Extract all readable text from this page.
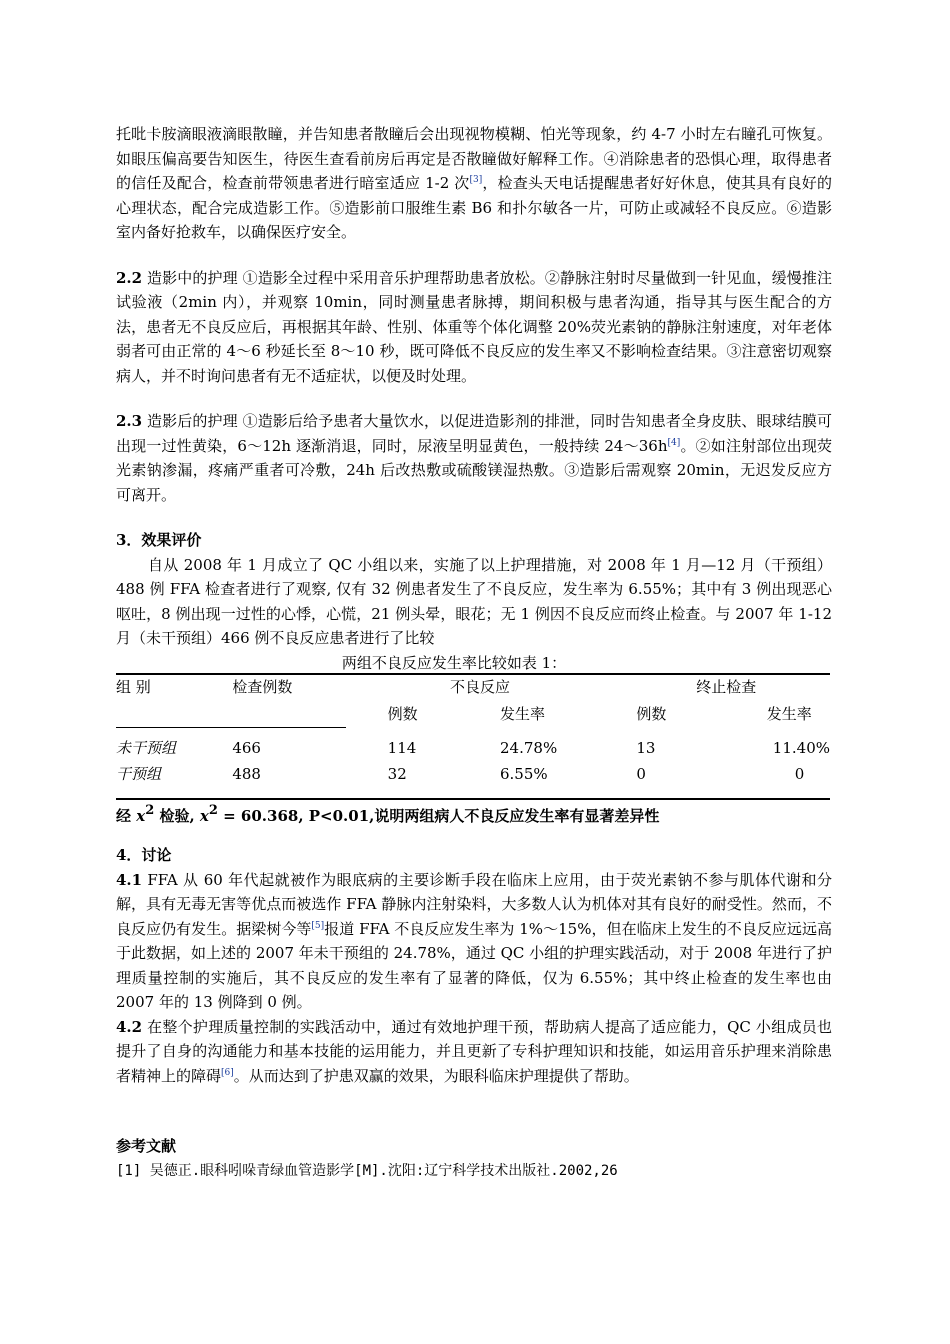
托吡卡胺滴眼液滴眼散瞳，并告知患者散瞳后会出现视物模糊、怕光等现象，约 4-7 小时左右瞳孔可恢复。如眼压偏高要告知医生，待医生查看前房后再定是否散瞳做好解释工作。④消除患者的恐惧心理，取得患者的信任及配合，检查前带领患者进行暗室适应 1-2 次[3]，检查头天电话提醒患者好好休息，使其具有良好的心理状态，配合完成造影工作。⑤造影前口服维生素 B6 和扑尔敏各一片，可防止或减轻不良反应。⑥造影室内备好抢救车，以确保医疗安全。

2.2 造影中的护理 ①造影全过程中采用音乐护理帮助患者放松。②静脉注射时尽量做到一针见血，缓慢推注试验液（2min 内），并观察 10min，同时测量患者脉搏，期间积极与患者沟通，指导其与医生配合的方法，患者无不良反应后，再根据其年龄、性别、体重等个体化调整 20%荧光素钠的静脉注射速度，对年老体弱者可由正常的 4～6 秒延长至 8～10 秒，既可降低不良反应的发生率又不影响检查结果。③注意密切观察病人，并不时询问患者有无不适症状，以便及时处理。

2.3 造影后的护理 ①造影后给予患者大量饮水，以促进造影剂的排泄，同时告知患者全身皮肤、眼球结膜可出现一过性黄染，6～12h 逐渐消退，同时，尿液呈明显黄色，一般持续 24～36h[4]。②如注射部位出现荧光素钠渗漏，疼痛严重者可冷敷，24h 后改热敷或硫酸镁湿热敷。③造影后需观察 20min，无迟发反应方可离开。

3．效果评价

自从 2008 年 1 月成立了 QC 小组以来，实施了以上护理措施，对 2008 年 1 月—12 月（干预组）488 例 FFA 检查者进行了观察, 仅有 32 例患者发生了不良反应，发生率为 6.55%；其中有 3 例出现恶心呕吐，8 例出现一过性的心悸，心慌，21 例头晕，眼花；无 1 例因不良反应而终止检查。与 2007 年 1-12 月（未干预组）466 例不良反应患者进行了比较

两组不良反应发生率比较如表 1：
组 别	检查例数	不良反应		终止检查	
		例数	发生率	例数	发生率
未干预组	466	114	24.78%	13	11.40%
干预组	488	32	6.55%	0	0

经 $x^2$ 检验, $x^2 = 60.368$, P<0.01,说明两组病人不良反应发生率有显著差异性

4．讨论

4.1 FFA 从 60 年代起就被作为眼底病的主要诊断手段在临床上应用，由于荧光素钠不参与肌体代谢和分解，具有无毒无害等优点而被选作 FFA 静脉内注射染料，大多数人认为机体对其有良好的耐受性。然而，不良反应仍有发生。据梁树今等[5]报道 FFA 不良反应发生率为 1%～15%，但在临床上发生的不良反应远远高于此数据，如上述的 2007 年未干预组的 24.78%，通过 QC 小组的护理实践活动，对于 2008 年进行了护理质量控制的实施后，其不良反应的发生率有了显著的降低，仅为 6.55%；其中终止检查的发生率也由 2007 年的 13 例降到 0 例。

4.2 在整个护理质量控制的实践活动中，通过有效地护理干预，帮助病人提高了适应能力，QC 小组成员也提升了自身的沟通能力和基本技能的运用能力，并且更新了专科护理知识和技能，如运用音乐护理来消除患者精神上的障碍[6]。从而达到了护患双赢的效果，为眼科临床护理提供了帮助。

参考文献

[1] 吴德正.眼科吲哚青绿血管造影学[M].沈阳:辽宁科学技术出版社.2002,26
